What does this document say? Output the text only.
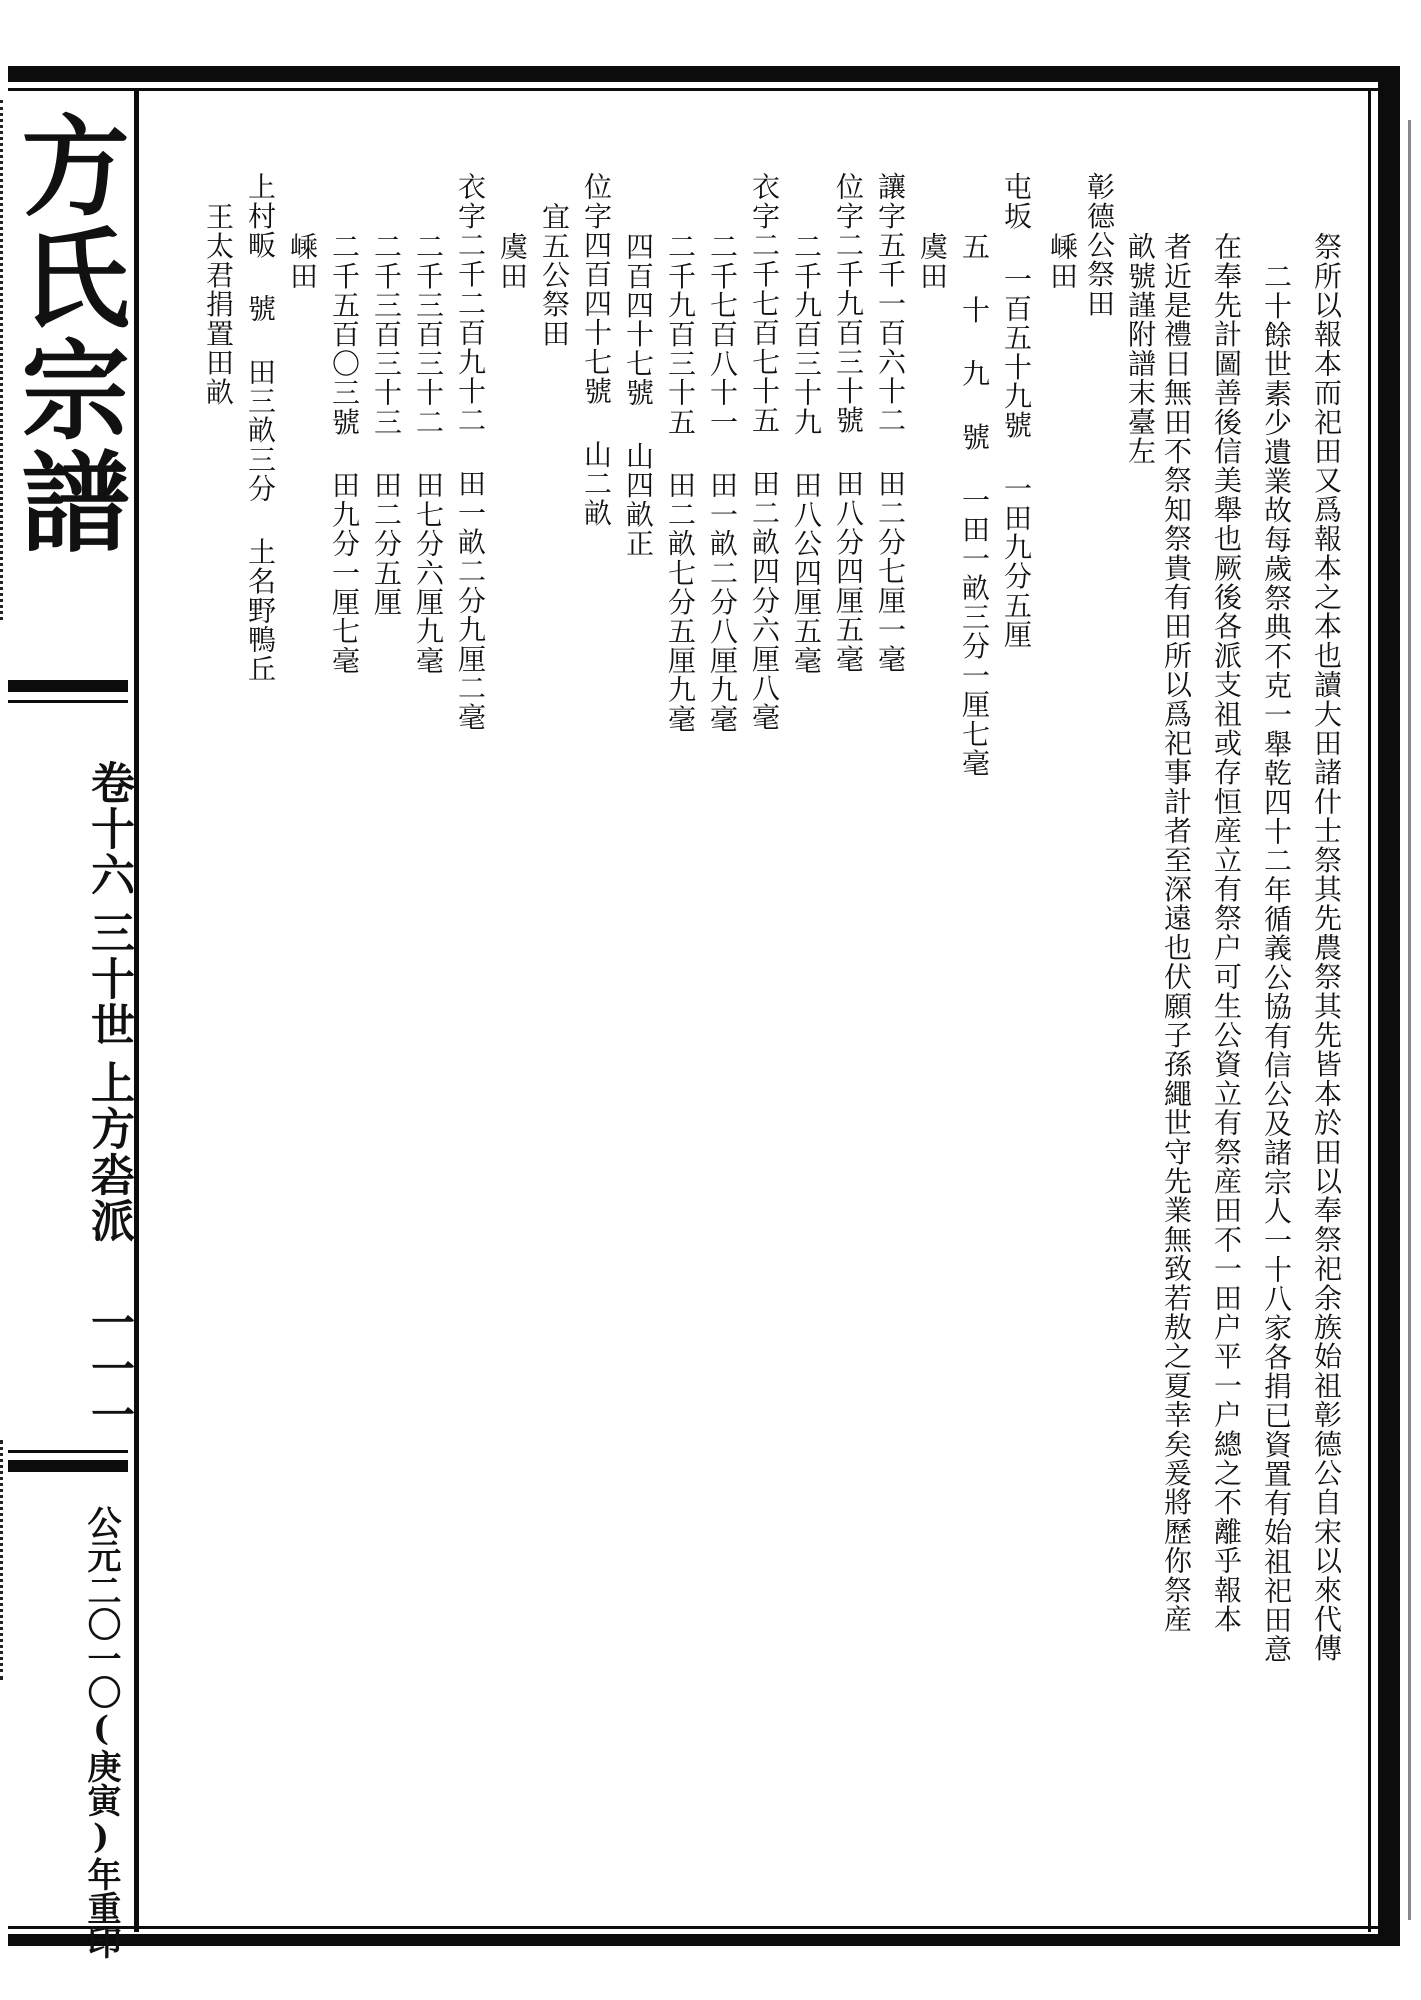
方氏宗譜
卷十六
三十世
上方沯派
一一一
公元二〇一〇(庚寅)年重印
祭所以報本而祀田又爲報本之本也讀大田諸什士祭其先農祭其先皆本於田以奉祭祀余族始祖彰德公自宋以來代傳
二十餘世素少遺業故每歲祭典不克一舉乾四十二年循義公協有信公及諸宗人一十八家各捐已資置有始祖祀田意
在奉先計圖善後信美舉也厥後各派支祖或存恒産立有祭户可生公資立有祭産田不一田户平一户總之不離乎報本
者近是禮日無田不祭知祭貴有田所以爲祀事計者至深遠也伏願子孫繩世守先業無致若敖之夏幸矣爰將歷你祭産
畝號謹附譜末臺左
彰德公祭田
嵊田
屯坂 一百五十九號 一田九分五厘
五 十 九 號 一田一畝三分一厘七毫
虞田
讓字五千一百六十二 田二分七厘一毫
位字二千九百三十號 田八分四厘五毫
二千九百三十九 田八公四厘五毫
衣字二千七百七十五 田二畝四分六厘八毫
二千七百八十一 田一畝二分八厘九毫
二千九百三十五 田二畝七分五厘九毫
四百四十七號 山四畝正
位字四百四十七號 山二畝
宜五公祭田
虞田
衣字二千二百九十二 田一畝二分九厘二毫
二千三百三十二 田七分六厘九毫
二千三百三十三 田二分五厘
二千五百〇三號 田九分一厘七毫
嵊田
上村畈 號 田三畝三分 土名野鴨丘
王太君捐置田畝
